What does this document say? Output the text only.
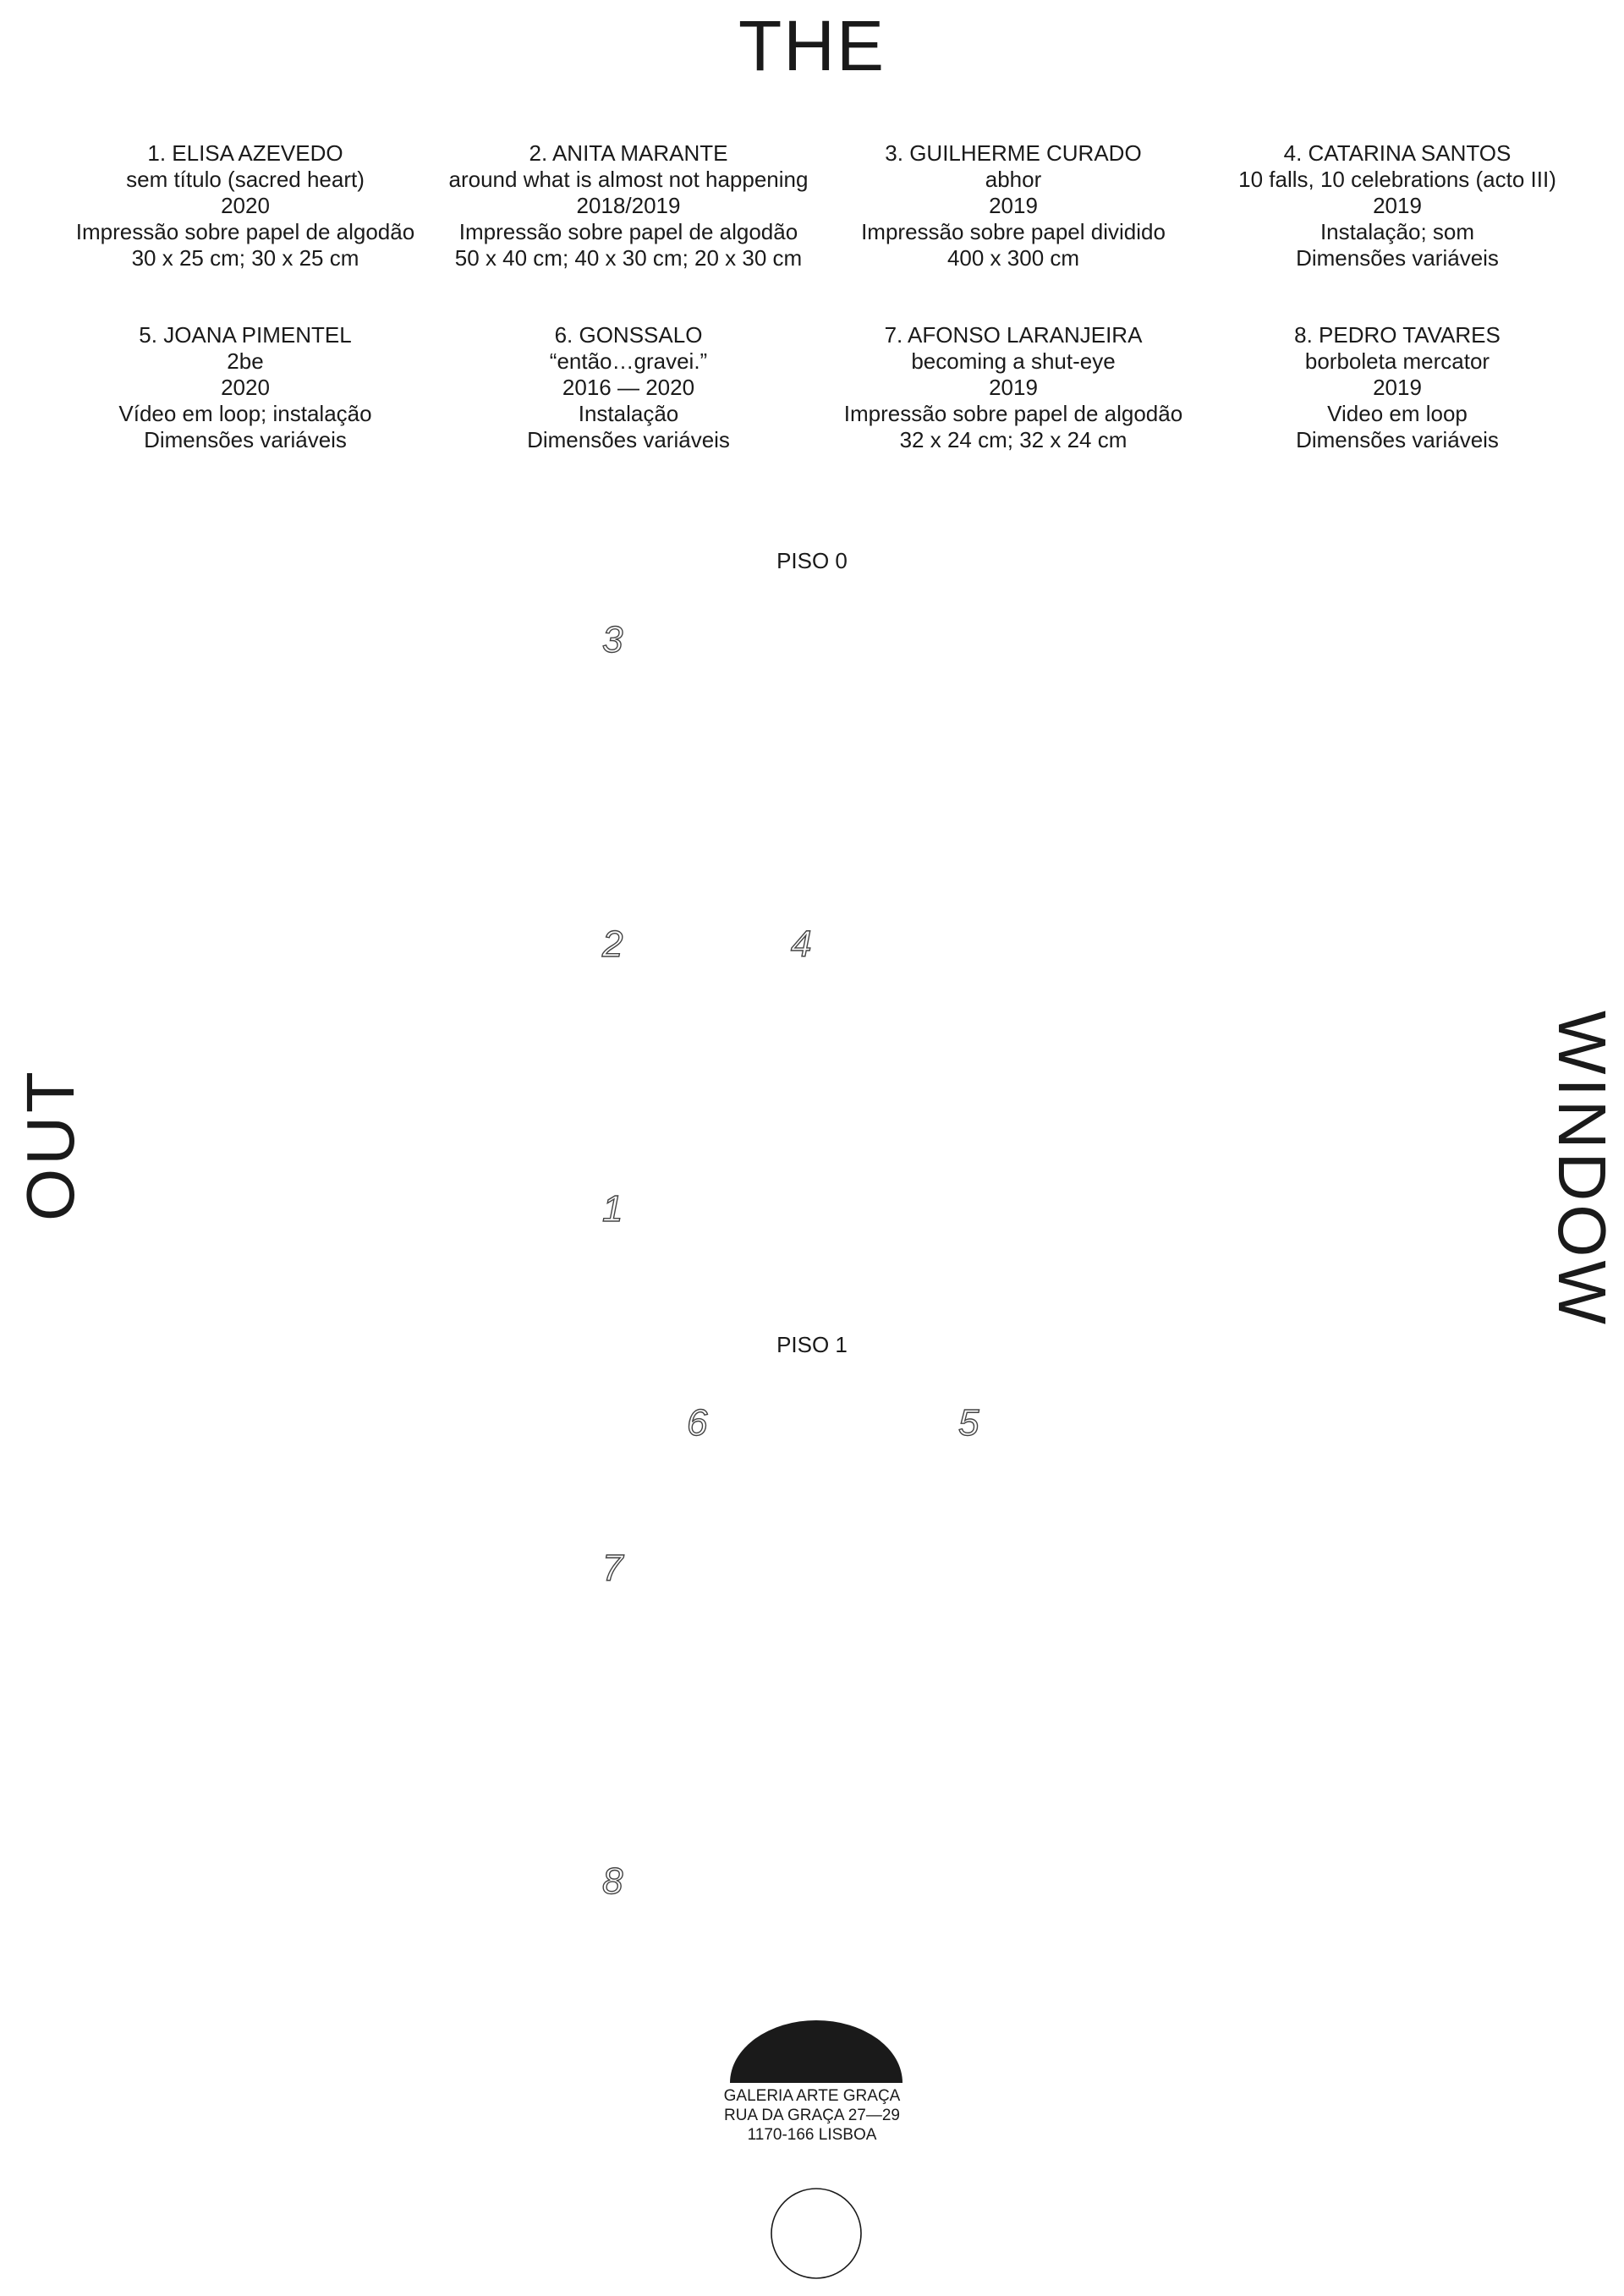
THE
1. ELISA AZEVEDO
sem título (sacred heart)
2020
Impressão sobre papel de algodão
30 x 25 cm; 30 x 25 cm
2. ANITA MARANTE
around what is almost not happening
2018/2019
Impressão sobre papel de algodão
50 x 40 cm; 40 x 30 cm; 20 x 30 cm
3. GUILHERME CURADO
abhor
2019
Impressão sobre papel dividido
400 x 300 cm
4. CATARINA SANTOS
10 falls, 10 celebrations (acto III)
2019
Instalação; som
Dimensões variáveis
5. JOANA PIMENTEL
2be
2020
Vídeo em loop; instalação
Dimensões variáveis
6. GONSSALO
“então…gravei.”
2016 — 2020
Instalação
Dimensões variáveis
7. AFONSO LARANJEIRA
becoming a shut-eye
2019
Impressão sobre papel de algodão
32 x 24 cm; 32 x 24 cm
8. PEDRO TAVARES
borboleta mercator
2019
Video em loop
Dimensões variáveis
PISO 0
3
2	4
1
PISO 1
6	5
7
8
OUT	WINDOW
GALERIA ARTE GRAÇA
RUA DA GRAÇA 27—29
1170-166 LISBOA
